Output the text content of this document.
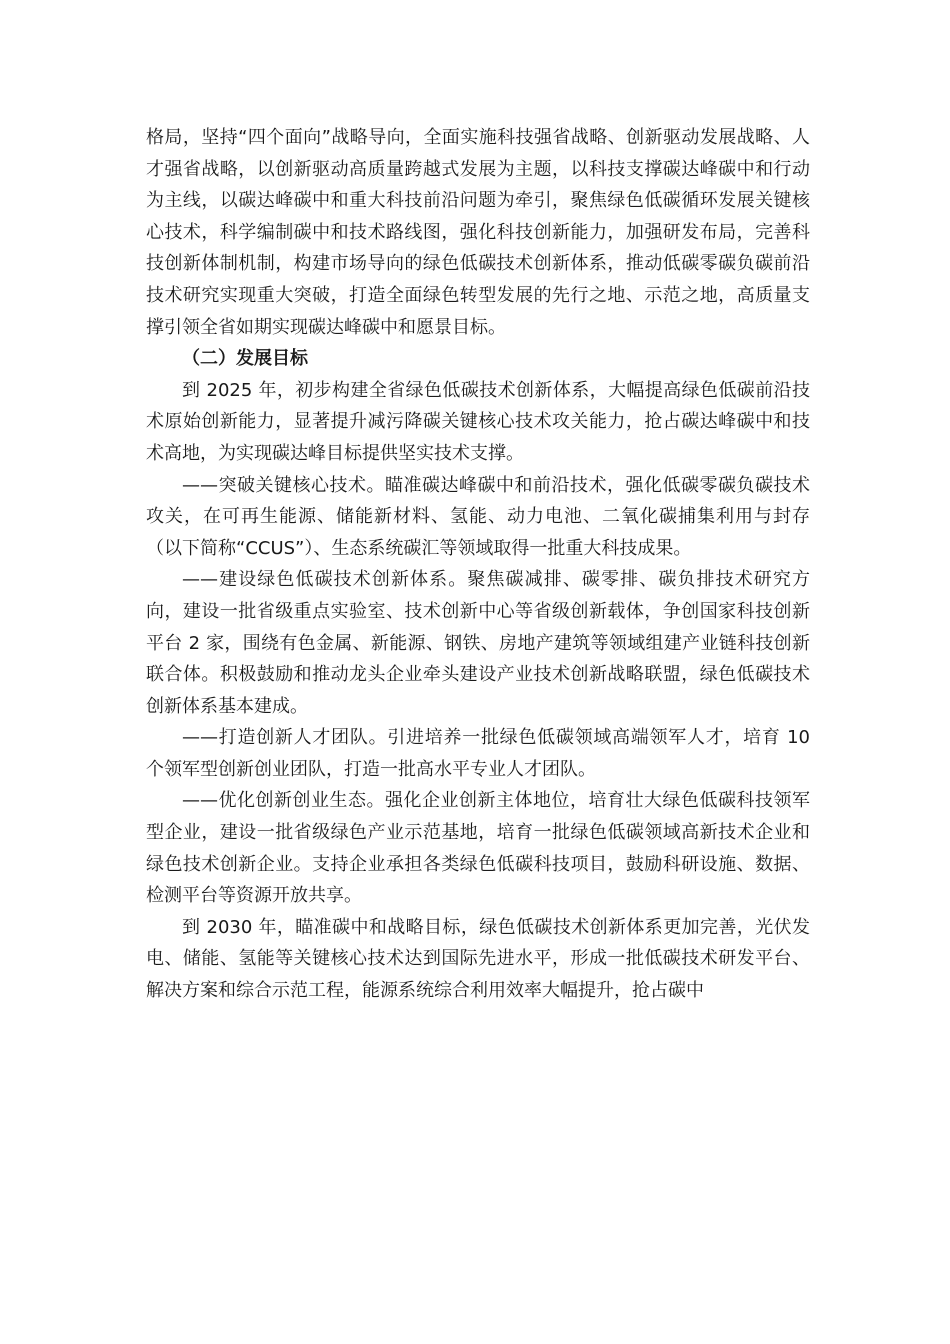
格局，坚持“四个面向”战略导向，全面实施科技强省战略、创新驱动发展战略、人才强省战略，以创新驱动高质量跨越式发展为主题，以科技支撑碳达峰碳中和行动为主线，以碳达峰碳中和重大科技前沿问题为牵引，聚焦绿色低碳循环发展关键核心技术，科学编制碳中和技术路线图，强化科技创新能力，加强研发布局，完善科技创新体制机制，构建市场导向的绿色低碳技术创新体系，推动低碳零碳负碳前沿技术研究实现重大突破，打造全面绿色转型发展的先行之地、示范之地，高质量支撑引领全省如期实现碳达峰碳中和愿景目标。

（二）发展目标

到 2025 年，初步构建全省绿色低碳技术创新体系，大幅提高绿色低碳前沿技术原始创新能力，显著提升减污降碳关键核心技术攻关能力，抢占碳达峰碳中和技术高地，为实现碳达峰目标提供坚实技术支撑。

——突破关键核心技术。瞄准碳达峰碳中和前沿技术，强化低碳零碳负碳技术攻关，在可再生能源、储能新材料、氢能、动力电池、二氧化碳捕集利用与封存（以下简称“CCUS”）、生态系统碳汇等领域取得一批重大科技成果。

——建设绿色低碳技术创新体系。聚焦碳减排、碳零排、碳负排技术研究方向，建设一批省级重点实验室、技术创新中心等省级创新载体，争创国家科技创新平台 2 家，围绕有色金属、新能源、钢铁、房地产建筑等领域组建产业链科技创新联合体。积极鼓励和推动龙头企业牵头建设产业技术创新战略联盟，绿色低碳技术创新体系基本建成。

——打造创新人才团队。引进培养一批绿色低碳领域高端领军人才，培育 10 个领军型创新创业团队，打造一批高水平专业人才团队。

——优化创新创业生态。强化企业创新主体地位，培育壮大绿色低碳科技领军型企业，建设一批省级绿色产业示范基地，培育一批绿色低碳领域高新技术企业和绿色技术创新企业。支持企业承担各类绿色低碳科技项目，鼓励科研设施、数据、检测平台等资源开放共享。

到 2030 年，瞄准碳中和战略目标，绿色低碳技术创新体系更加完善，光伏发电、储能、氢能等关键核心技术达到国际先进水平，形成一批低碳技术研发平台、解决方案和综合示范工程，能源系统综合利用效率大幅提升，抢占碳中
